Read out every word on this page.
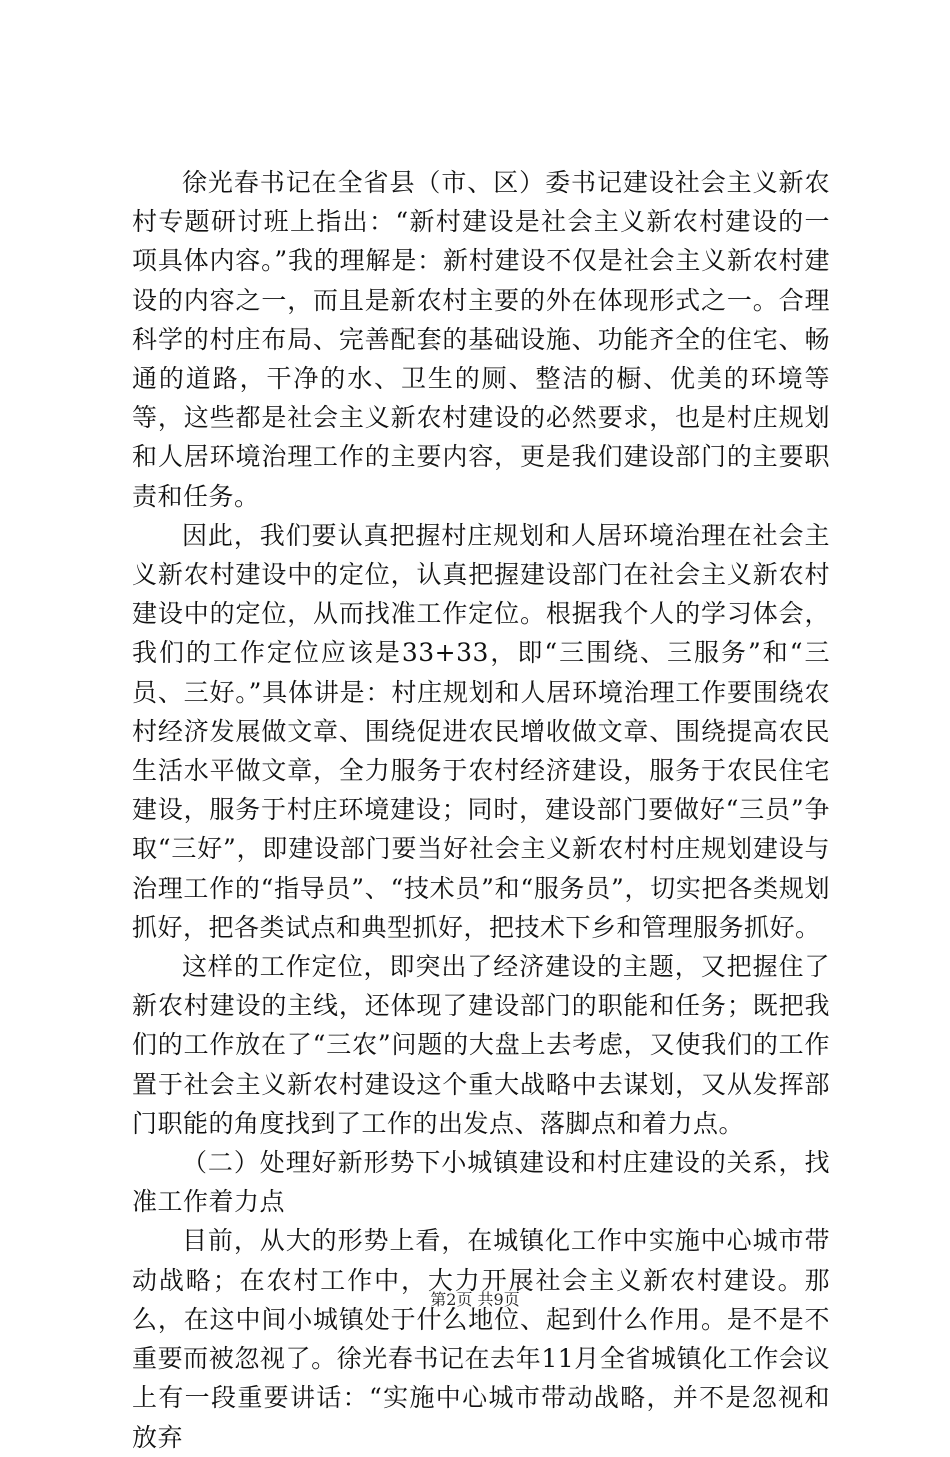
徐光春书记在全省县（市、区）委书记建设社会主义新农村专题研讨班上指出：“新村建设是社会主义新农村建设的一项具体内容。”我的理解是：新村建设不仅是社会主义新农村建设的内容之一，而且是新农村主要的外在体现形式之一。合理科学的村庄布局、完善配套的基础设施、功能齐全的住宅、畅通的道路，干净的水、卫生的厕、整洁的橱、优美的环境等等，这些都是社会主义新农村建设的必然要求，也是村庄规划和人居环境治理工作的主要内容，更是我们建设部门的主要职责和任务。

因此，我们要认真把握村庄规划和人居环境治理在社会主义新农村建设中的定位，认真把握建设部门在社会主义新农村建设中的定位，从而找准工作定位。根据我个人的学习体会，我们的工作定位应该是33+33，即“三围绕、三服务”和“三员、三好。”具体讲是：村庄规划和人居环境治理工作要围绕农村经济发展做文章、围绕促进农民增收做文章、围绕提高农民生活水平做文章，全力服务于农村经济建设，服务于农民住宅建设，服务于村庄环境建设；同时，建设部门要做好“三员”争取“三好”，即建设部门要当好社会主义新农村村庄规划建设与治理工作的“指导员”、“技术员”和“服务员”，切实把各类规划抓好，把各类试点和典型抓好，把技术下乡和管理服务抓好。

这样的工作定位，即突出了经济建设的主题，又把握住了新农村建设的主线，还体现了建设部门的职能和任务；既把我们的工作放在了“三农”问题的大盘上去考虑，又使我们的工作置于社会主义新农村建设这个重大战略中去谋划，又从发挥部门职能的角度找到了工作的出发点、落脚点和着力点。

（二）处理好新形势下小城镇建设和村庄建设的关系，找准工作着力点

目前，从大的形势上看，在城镇化工作中实施中心城市带动战略；在农村工作中，大力开展社会主义新农村建设。那么，在这中间小城镇处于什么地位、起到什么作用。是不是不重要而被忽视了。徐光春书记在去年11月全省城镇化工作会议上有一段重要讲话：“实施中心城市带动战略，并不是忽视和放弃

第2页 共9页
